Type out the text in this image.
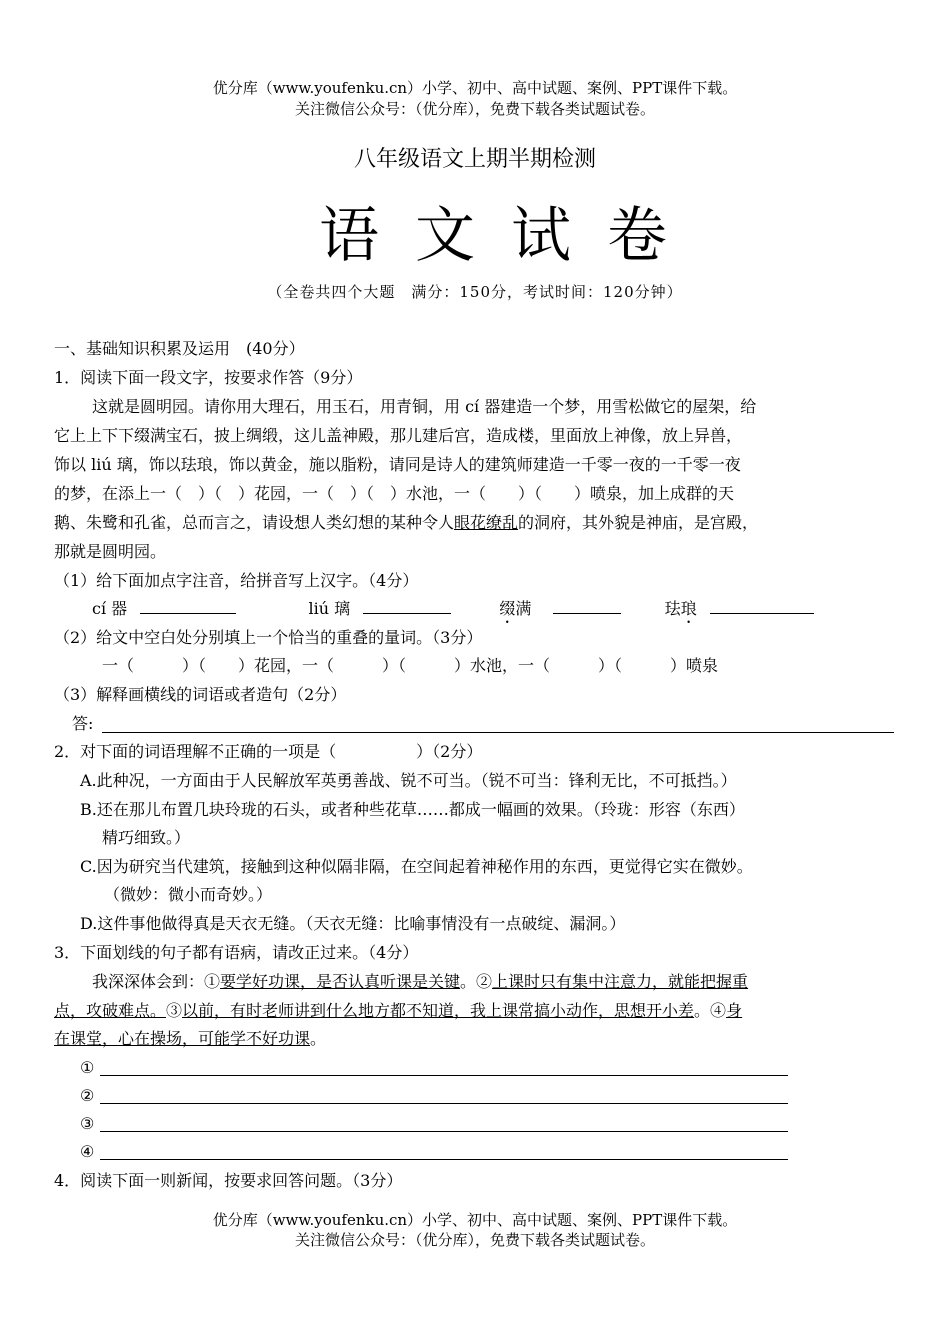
优分库（www.youfenku.cn）小学、初中、高中试题、案例、PPT课件下载。
关注微信公众号：（优分库），免费下载各类试题试卷。
八年级语文上期半期检测
语文试卷
（全卷共四个大题　满分：150分，考试时间：120分钟）
一、基础知识积累及运用　(40分）
1．阅读下面一段文字，按要求作答（9分）
这就是圆明园。请你用大理石，用玉石，用青铜，用 cí 器建造一个梦，用雪松做它的屋架，给
它上上下下缀满宝石，披上绸缎，这儿盖神殿，那儿建后宫，造成楼，里面放上神像，放上异兽，
饰以 liú 璃，饰以珐琅，饰以黄金，施以脂粉，请同是诗人的建筑师建造一千零一夜的一千零一夜
的梦，在添上一（　）（　）花园，一（　）（　）水池，一（　　）（　　）喷泉，加上成群的天
鹅、朱鹭和孔雀，总而言之，请设想人类幻想的某种令人眼花缭乱的洞府，其外貌是神庙，是宫殿，
那就是圆明园。
（1）给下面加点字注音，给拼音写上汉字。（4分）
cí 器	liú 璃	缀满	珐琅
（2）给文中空白处分别填上一个恰当的重叠的量词。（3分）
一（　　　）（　　）花园，一（　　　）（　　　）水池，一（　　　）（　　　）喷泉
（3）解释画横线的词语或者造句（2分）
答:
2．对下面的词语理解不正确的一项是（　　　　　）（2分）
A.此种况，一方面由于人民解放军英勇善战、锐不可当。（锐不可当：锋利无比，不可抵挡。）
B.还在那儿布置几块玲珑的石头，或者种些花草……都成一幅画的效果。（玲珑：形容（东西）
精巧细致。）
C.因为研究当代建筑，接触到这种似隔非隔，在空间起着神秘作用的东西，更觉得它实在微妙。
（微妙：微小而奇妙。）
D.这件事他做得真是天衣无缝。（天衣无缝：比喻事情没有一点破绽、漏洞。）
3．下面划线的句子都有语病，请改正过来。（4分）
我深深体会到：①要学好功课，是否认真听课是关键。②上课时只有集中注意力，就能把握重
点，攻破难点。③以前，有时老师讲到什么地方都不知道，我上课常搞小动作，思想开小差。④身
在课堂，心在操场，可能学不好功课。
①
②
③
④
4．阅读下面一则新闻，按要求回答问题。（3分）
优分库（www.youfenku.cn）小学、初中、高中试题、案例、PPT课件下载。
关注微信公众号：（优分库），免费下载各类试题试卷。
